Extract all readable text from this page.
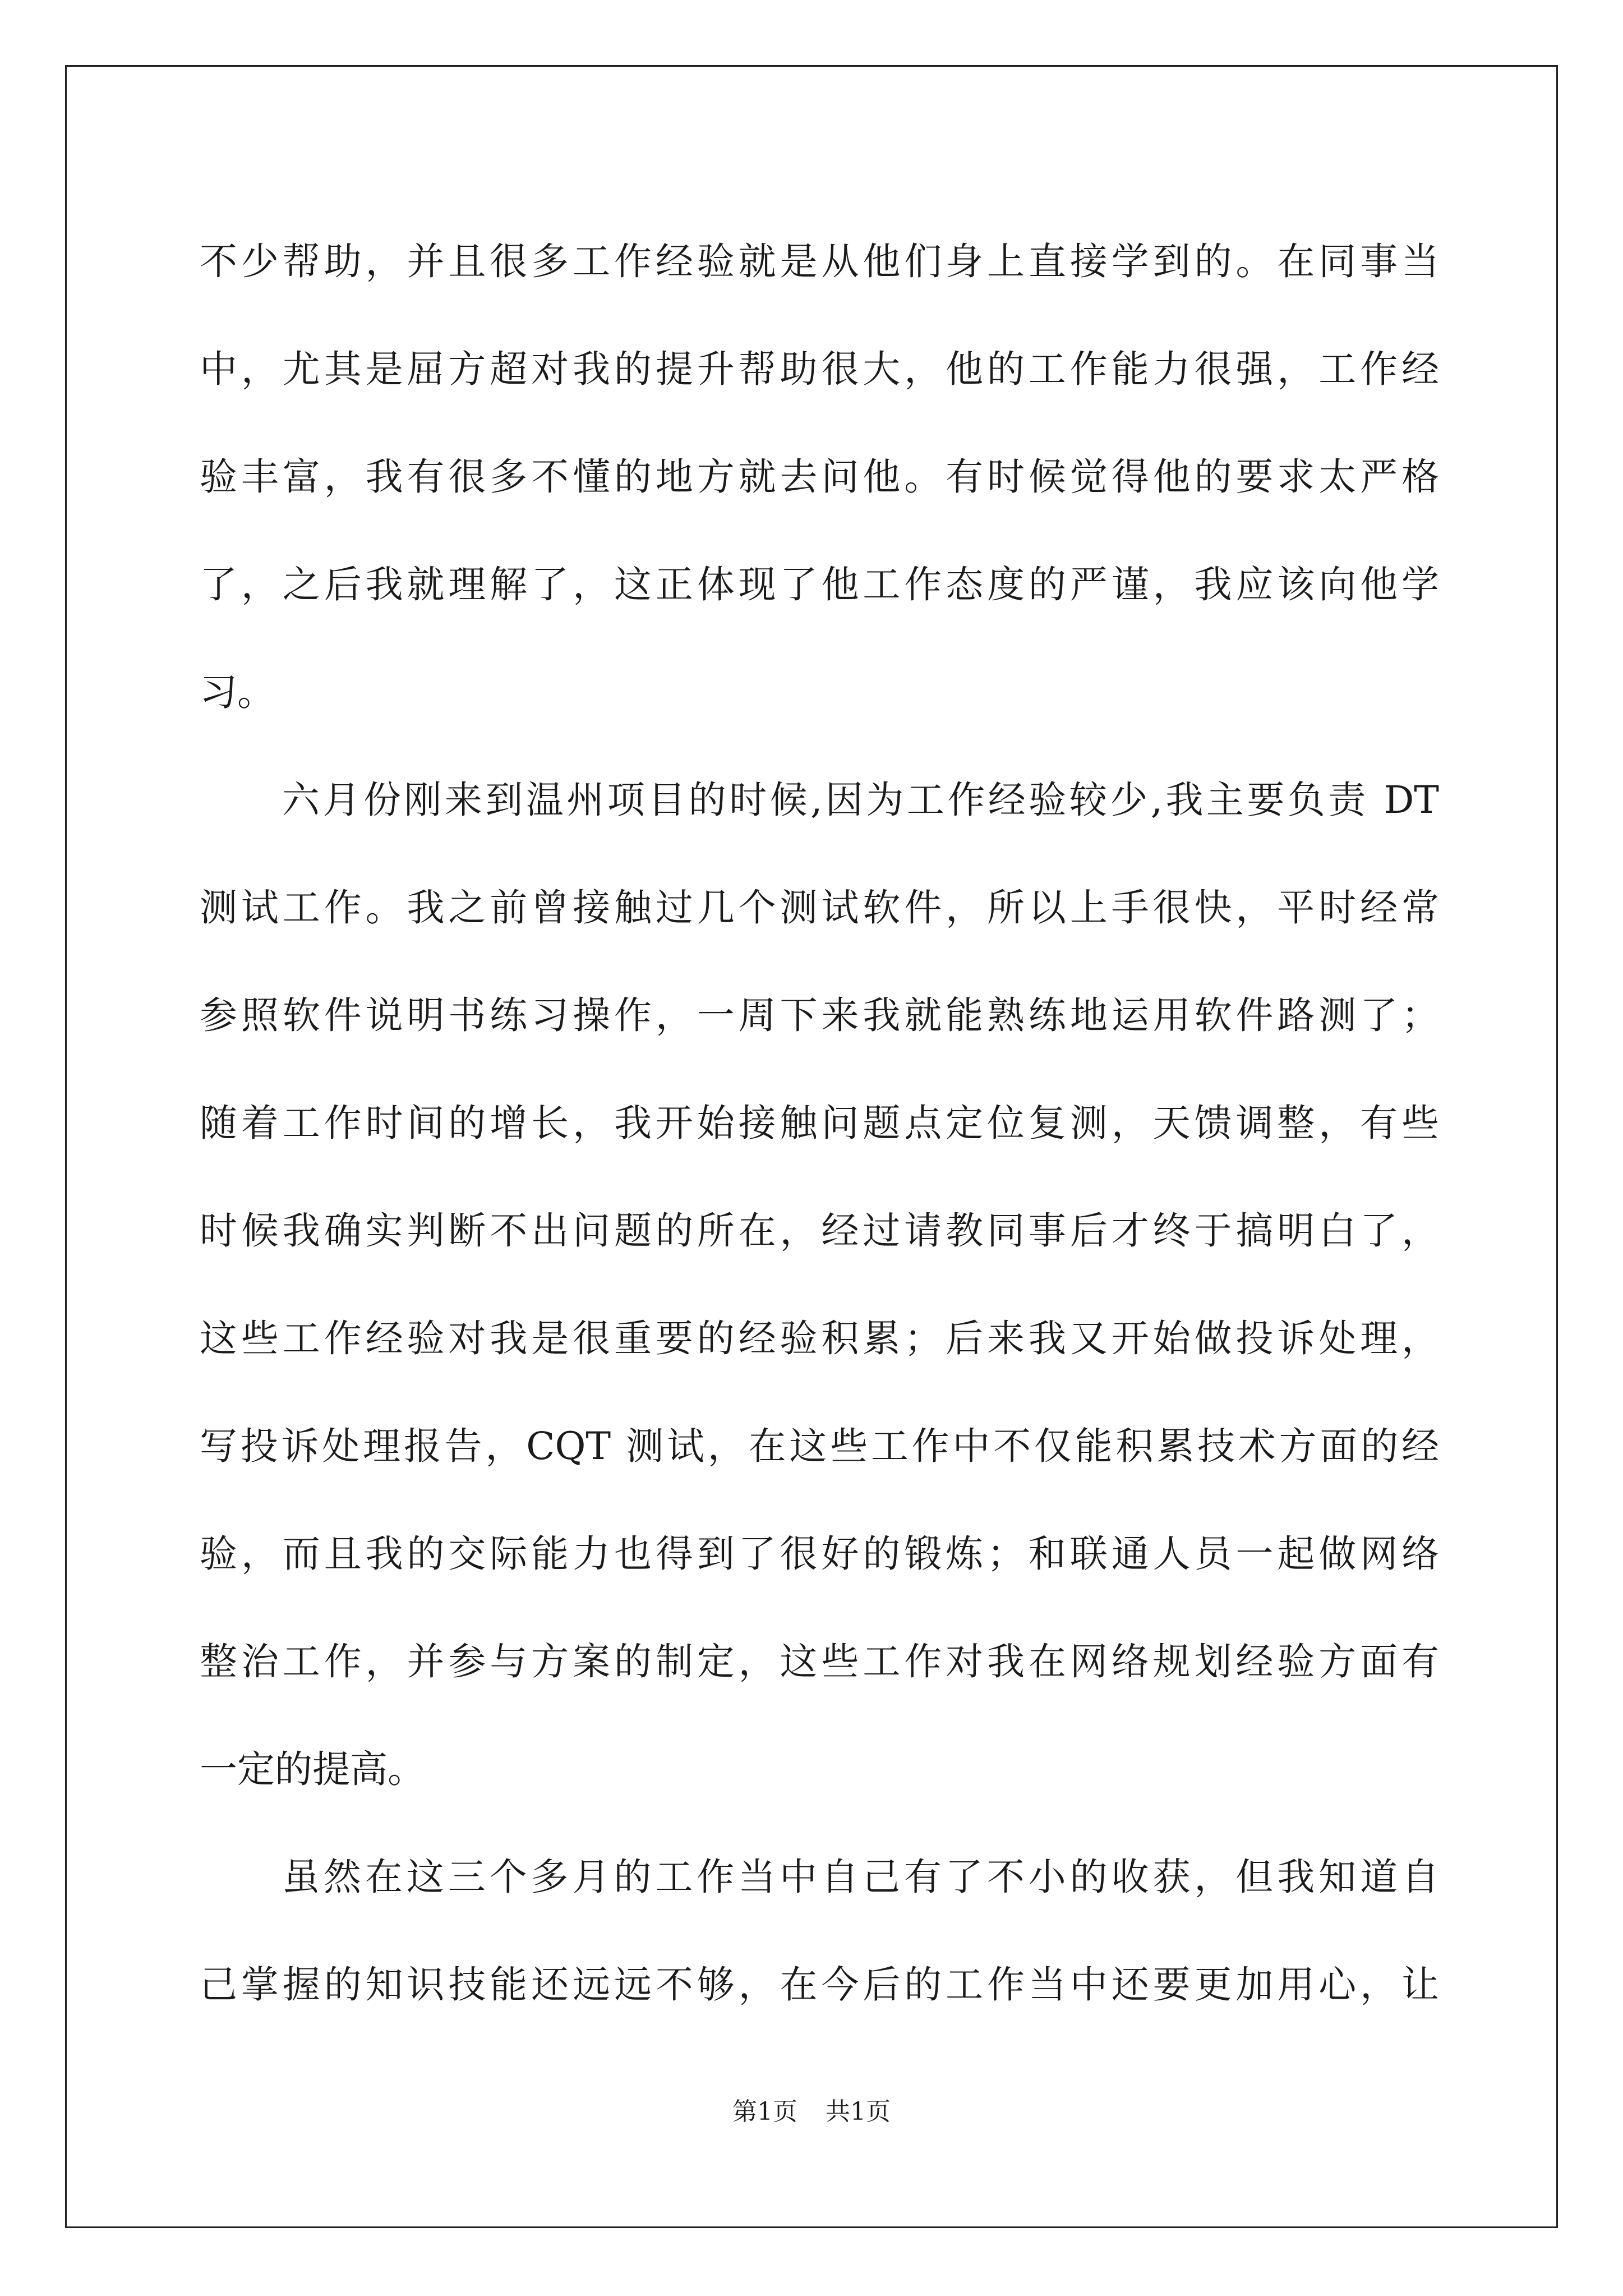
不少帮助，并且很多工作经验就是从他们身上直接学到的。在同事当
中，尤其是屈方超对我的提升帮助很大，他的工作能力很强，工作经
验丰富，我有很多不懂的地方就去问他。有时候觉得他的要求太严格
了，之后我就理解了，这正体现了他工作态度的严谨，我应该向他学
习。
六月份刚来到温州项目的时候,因为工作经验较少,我主要负责 DT
测试工作。我之前曾接触过几个测试软件，所以上手很快，平时经常
参照软件说明书练习操作，一周下来我就能熟练地运用软件路测了；
随着工作时间的增长，我开始接触问题点定位复测，天馈调整，有些
时候我确实判断不出问题的所在，经过请教同事后才终于搞明白了，
这些工作经验对我是很重要的经验积累；后来我又开始做投诉处理，
写投诉处理报告，CQT 测试，在这些工作中不仅能积累技术方面的经
验，而且我的交际能力也得到了很好的锻炼；和联通人员一起做网络
整治工作，并参与方案的制定，这些工作对我在网络规划经验方面有
一定的提高。
虽然在这三个多月的工作当中自己有了不小的收获，但我知道自
己掌握的知识技能还远远不够，在今后的工作当中还要更加用心，让
第1页 共1页
